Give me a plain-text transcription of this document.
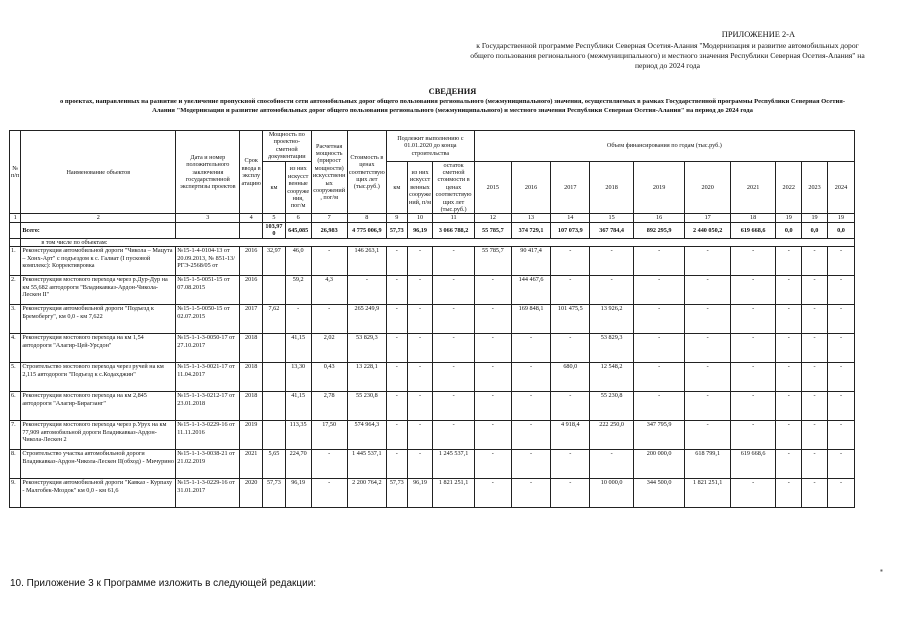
ПРИЛОЖЕНИЕ 2-А
к Государственной программе Республики Северная Осетия-Алания "Модернизация и развитие автомобильных дорог общего пользования регионального (межмуниципального) и местного значения Республики Северная Осетия-Алания" на период до 2024 года
СВЕДЕНИЯ
о проектах, направленных на развитие и увеличение пропускной способности сети автомобильных дорог общего пользования регионального (межмуниципального) значения, осуществляемых в рамках Государственной программы Республики Северная Осетия-Алания "Модернизация и развитие автомобильных дорог общего пользования регионального (межмуниципального) и местного значения Республики Северная Осетия-Алания" на период до 2024 года
№ п/п	Наименование объектов	Дата и номер положительного заключения государственной экспертизы проектов	Срок ввода в эксплуатацию	Мощность по проектно-сметной документации		Расчетная мощность (прирост мощности) искусственных сооружений, пог/м	Стоимость в ценах соответствующих лет (тыс.руб.)	Подлежит выполнению с 01.01.2020 до конца строительства			Объем финансирования по годам (тыс.руб.)									
				км	из них искусственные сооружения, пог/м			км	из них искусственных сооружений, п/м	остаток сметной стоимости в ценах соответствующих лет (тыс.руб.)	2015	2016	2017	2018	2019	2020	2021	2022	2023	2024

1	2	3	4	5	6	7	8	9	10	11	12	13	14	15	16	17	18	19	19	19
	Всего:			103,970	645,085	26,983	4 775 006,9	57,73	96,19	3 066 788,2	55 785,7	374 729,1	107 073,9	367 784,4	892 295,9	2 440 050,2	619 668,6	0,0	0,0	0,0
	в том числе по объектам:																			
1.	Реконструкция автомобильной дороги "Чикола – Мацута – Хонх-Арт" с подъездом к с. Галиат (I пусковой комплекс): Коррективровка	№15-1-4-0104-13 от 20.09.2013, № 851-13/РГЭ-2568/05 от	2016	32,97	46,0	-	146 263,1	-	-	-	55 785,7	90 417,4	-	-	-	-	-	-	-	-
2.	Реконструкция мостового перехода через р.Дур-Дур на км 55,682 автодороги "Владикавказ-Ардон-Чикола-Лескен II"	№15-1-5-0051-15 от 07.08.2015	2016		59,2	4,3	-	-	-	-	-	144 467,6	-	-	-	-	-	-	-	-
3.	Реконструкция автомобильной дороги "Подъезд к Бремобергу", км 0,0 - км 7,622	№15-1-5-0050-15 от 02.07.2015	2017	7,62	-	-	265 249,9	-	-	-	-	169 848,1	101 475,5	13 926,2	-	-	-	-	-	-
4.	Реконструкция мостового перехода на км 1,54 автодороги "Алагир-Цей-Урсдон"	№15-1-1-3-0050-17 от 27.10.2017	2018		41,15	2,02	53 829,3	-	-	-	-	-	-	53 829,3	-	-	-	-	-	-
5.	Строительство мостового перехода через ручей на км 2,115 автодороги "Подъезд к с.Кодахджин"	№15-1-1-3-0021-17 от 11.04.2017	2018		13,30	0,43	13 228,1	-	-	-	-	-	680,0	12 548,2	-	-	-	-	-	-
6.	Реконструкция мостового перехода на км 2,845 автодороги "Алагир-Бирагзанг"	№15-1-1-3-0212-17 от 23.01.2018	2018		41,15	2,78	55 230,8	-	-	-	-	-	-	55 230,8	-	-	-	-	-	-
7.	Реконструкция мостового перехода через р.Урух на км 77,909 автомобильной дороги Владикавказ-Ардон-Чикола-Лескен 2	№15-1-1-3-0229-16 от 11.11.2016	2019		113,35	17,50	574 964,3	-	-	-	-	-	4 918,4	222 250,0	347 795,9	-	-	-	-	-
8.	Строительство участка автомобильной дороги Владикавказ-Ардон-Чикола-Лескен II(обход) - Мичурино	№15-1-1-3-0038-21 от 21.02.2019	2021	5,65	224,70	-	1 445 537,1	-	-	1 245 537,1	-	-	-	-	200 000,0	618 799,1	619 668,6	-	-	-
9.	Реконструкция автомобильной дороги "Кавказ - Курпаху - Малгобек-Моздок" км 0,0 - км 61,6	№15-1-1-3-0229-16 от 31.01.2017	2020	57,73	96,19	-	2 200 764,2	57,73	96,19	1 821 251,1	-	-	-	10 000,0	344 500,0	1 821 251,1	-	-	-	-
10. Приложение 3 к Программе изложить в следующей редакции:
▪
